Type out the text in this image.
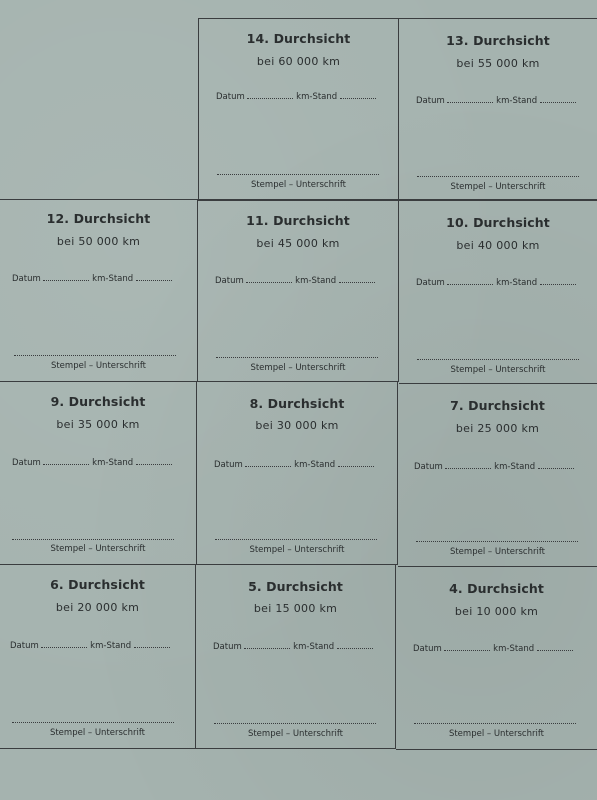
14. Durchsicht
bei 60 000 km
Datum	km-Stand
Stempel – Unterschrift
13. Durchsicht
bei 55 000 km
Datum	km-Stand
Stempel – Unterschrift
12. Durchsicht
bei 50 000 km
Datum	km-Stand
Stempel – Unterschrift
11. Durchsicht
bei 45 000 km
Datum	km-Stand
Stempel – Unterschrift
10. Durchsicht
bei 40 000 km
Datum	km-Stand
Stempel – Unterschrift
9. Durchsicht
bei 35 000 km
Datum	km-Stand
Stempel – Unterschrift
8. Durchsicht
bei 30 000 km
Datum	km-Stand
Stempel – Unterschrift
7. Durchsicht
bei 25 000 km
Datum	km-Stand
Stempel – Unterschrift
6. Durchsicht
bei 20 000 km
Datum	km-Stand
Stempel – Unterschrift
5. Durchsicht
bei 15 000 km
Datum	km-Stand
Stempel – Unterschrift
4. Durchsicht
bei 10 000 km
Datum	km-Stand
Stempel – Unterschrift
